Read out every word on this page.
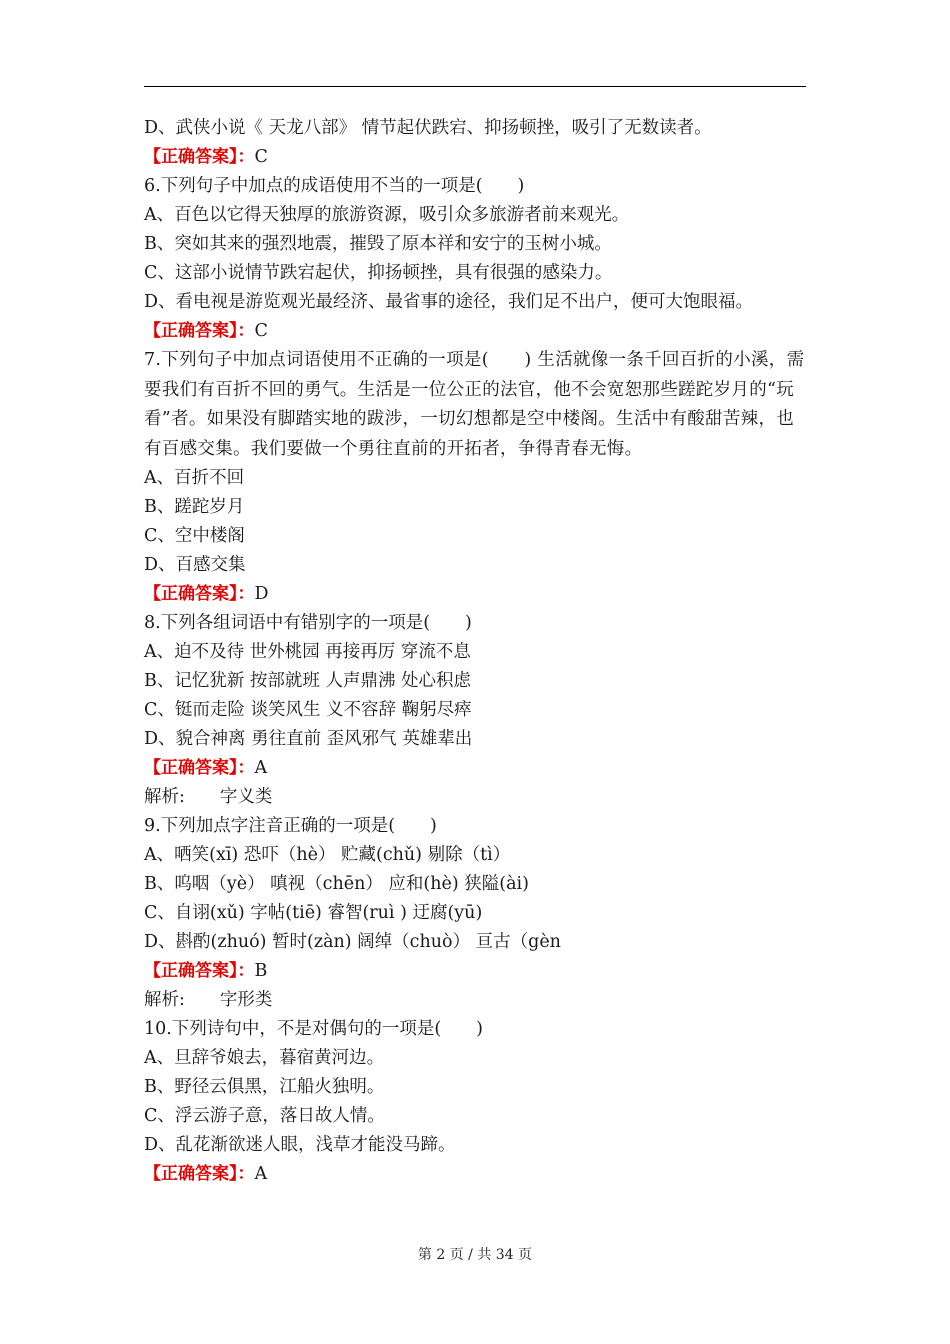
D、武侠小说《 天龙八部》 情节起伏跌宕、抑扬顿挫，吸引了无数读者。
【正确答案】：C
6.下列句子中加点的成语使用不当的一项是(　　)
A、百色以它得天独厚的旅游资源，吸引众多旅游者前来观光。
B、突如其来的强烈地震，摧毁了原本祥和安宁的玉树小城。
C、这部小说情节跌宕起伏，抑扬顿挫，具有很强的感染力。
D、看电视是游览观光最经济、最省事的途径，我们足不出户，便可大饱眼福。
【正确答案】：C
7.下列句子中加点词语使用不正确的一项是(　　) 生活就像一条千回百折的小溪，需要我们有百折不回的勇气。生活是一位公正的法官，他不会宽恕那些蹉跎岁月的“玩看”者。如果没有脚踏实地的跋涉，一切幻想都是空中楼阁。生活中有酸甜苦辣，也有百感交集。我们要做一个勇往直前的开拓者，争得青春无悔。
A、百折不回
B、蹉跎岁月
C、空中楼阁
D、百感交集
【正确答案】：D
8.下列各组词语中有错别字的一项是(　　)
A、迫不及待 世外桃园 再接再厉 穿流不息
B、记忆犹新 按部就班 人声鼎沸 处心积虑
C、铤而走险 谈笑风生 义不容辞 鞠躬尽瘁
D、貌合神离 勇往直前 歪风邪气 英雄辈出
【正确答案】：A
解析:　　字义类
9.下列加点字注音正确的一项是(　　)
A、哂笑(xī) 恐吓（hè） 贮藏(chǔ) 剔除（tì）
B、呜咽（yè） 嗔视（chēn） 应和(hè) 狭隘(ài)
C、自诩(xǔ) 字帖(tiē) 睿智(ruì ) 迂腐(yū)
D、斟酌(zhuó) 暂时(zàn) 阔绰（chuò） 亘古（gèn
【正确答案】：B
解析:　　字形类
10.下列诗句中，不是对偶句的一项是(　　)
A、旦辞爷娘去，暮宿黄河边。
B、野径云俱黑，江船火独明。
C、浮云游子意，落日故人情。
D、乱花渐欲迷人眼，浅草才能没马蹄。
【正确答案】：A
第 2 页 / 共 34 页
